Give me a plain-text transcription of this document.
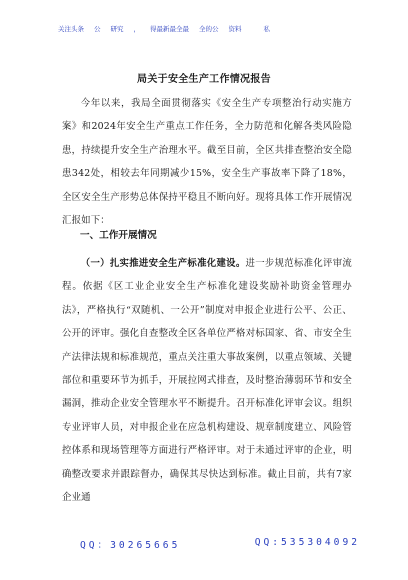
关注头条 公 研究 ， 得最新最全最 全的公 资料	私
局关于安全生产工作情况报告
今年以来，我局全面贯彻落实《安全生产专项整治行动实施方案》和2024年安全生产重点工作任务，全力防范和化解各类风险隐患，持续提升安全生产治理水平。截至目前，全区共排查整治安全隐患342处，相较去年同期减少15%，安全生产事故率下降了18%，全区安全生产形势总体保持平稳且不断向好。现将具体工作开展情况汇报如下：
一、工作开展情况
（一）扎实推进安全生产标准化建设。进一步规范标准化评审流程。依据《区工业企业安全生产标准化建设奖励补助资金管理办法》，严格执行“双随机、一公开”制度对申报企业进行公平、公正、公开的评审。强化自查整改全区各单位严格对标国家、省、市安全生产法律法规和标准规范，重点关注重大事故案例，以重点领域、关键部位和重要环节为抓手，开展拉网式排查，及时整治薄弱环节和安全漏洞，推动企业安全管理水平不断提升。召开标准化评审会议。组织专业评审人员，对申报企业在应急机构建设、规章制度建立、风险管控体系和现场管理等方面进行严格评审。对于未通过评审的企业，明确整改要求并跟踪督办，确保其尽快达到标准。截止目前，共有7家企业通
QQ：30265665	QQ:535304092
